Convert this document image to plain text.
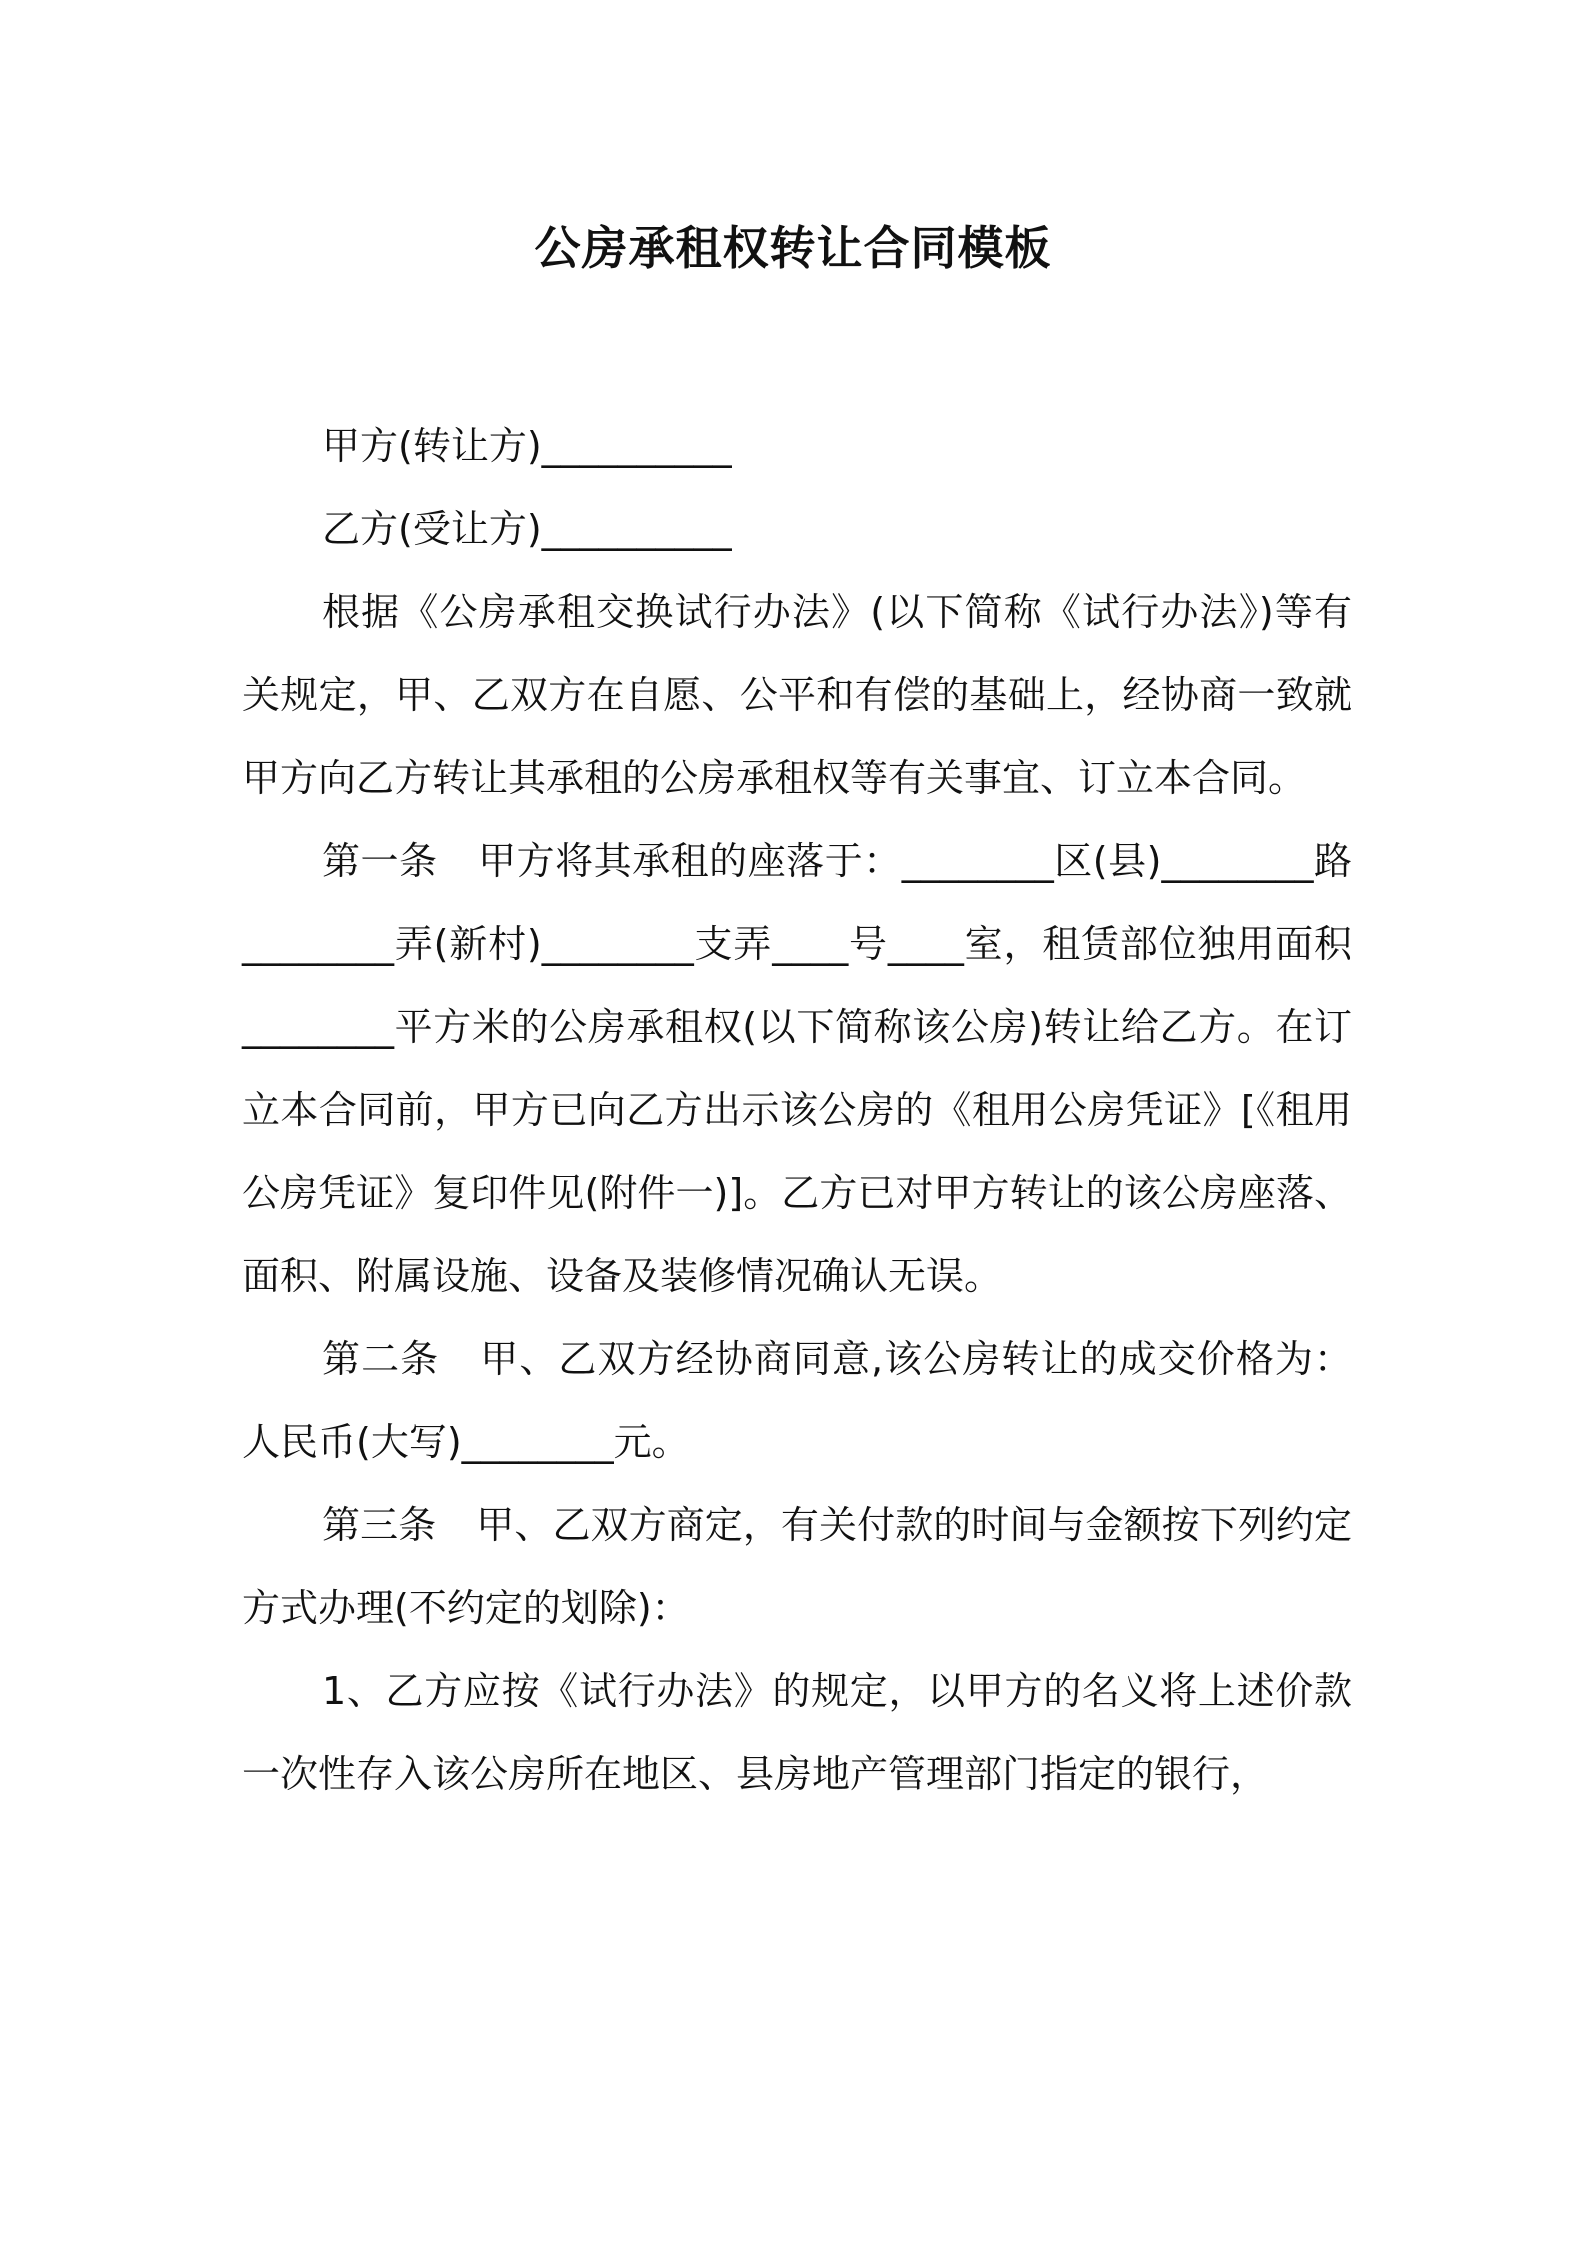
公房承租权转让合同模板

甲方(转让方)__________

乙方(受让方)__________

根据《公房承租交换试行办法》(以下简称《试行办法》)等有关规定，甲、乙双方在自愿、公平和有偿的基础上，经协商一致就甲方向乙方转让其承租的公房承租权等有关事宜、订立本合同。

第一条 甲方将其承租的座落于：________区(县)________路________弄(新村)________支弄____号____室，租赁部位独用面积________平方米的公房承租权(以下简称该公房)转让给乙方。在订立本合同前，甲方已向乙方出示该公房的《租用公房凭证》[《租用公房凭证》复印件见(附件一)]。乙方已对甲方转让的该公房座落、面积、附属设施、设备及装修情况确认无误。

第二条 甲、乙双方经协商同意,该公房转让的成交价格为：人民币(大写)________元。

第三条 甲、乙双方商定，有关付款的时间与金额按下列约定方式办理(不约定的划除)：

1、乙方应按《试行办法》的规定，以甲方的名义将上述价款一次性存入该公房所在地区、县房地产管理部门指定的银行，
